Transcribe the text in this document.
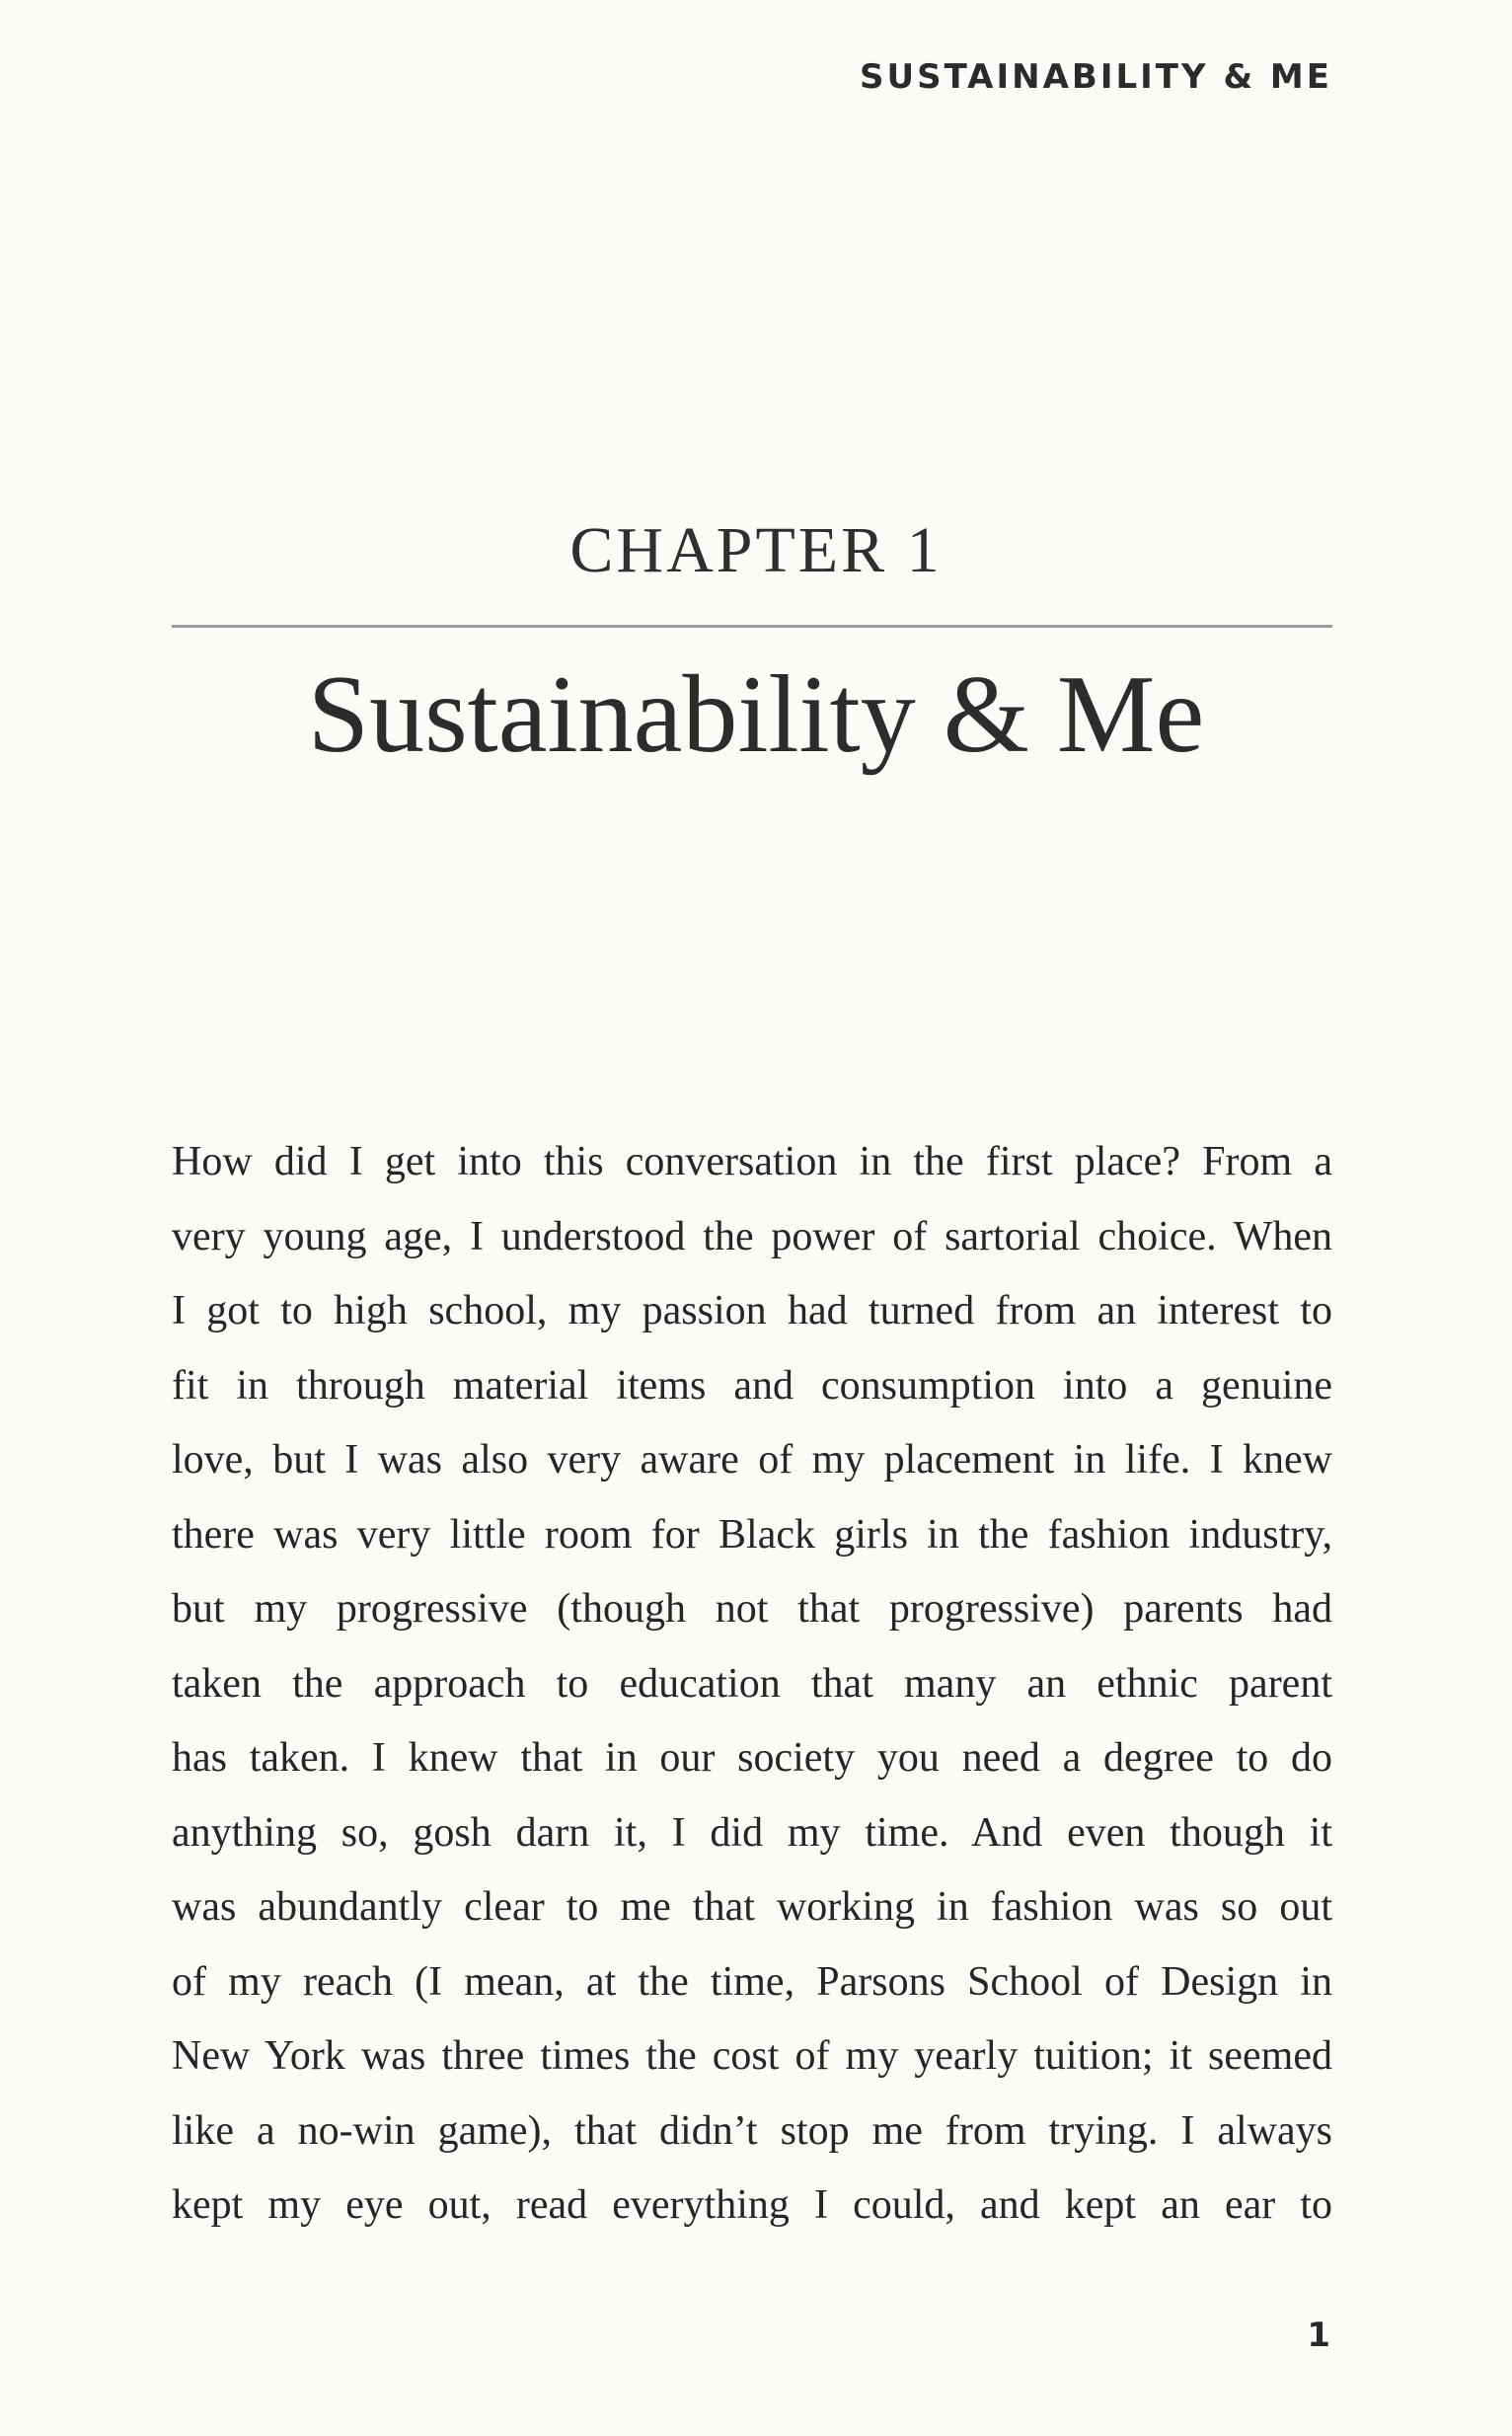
SUSTAINABILITY & ME
CHAPTER 1
Sustainability & Me
How did I get into this conversation in the first place? From a
very young age, I understood the power of sartorial choice. When
I got to high school, my passion had turned from an interest to
fit in through material items and consumption into a genuine
love, but I was also very aware of my placement in life. I knew
there was very little room for Black girls in the fashion industry,
but my progressive (though not that progressive) parents had
taken the approach to education that many an ethnic parent
has taken. I knew that in our society you need a degree to do
anything so, gosh darn it, I did my time. And even though it
was abundantly clear to me that working in fashion was so out
of my reach (I mean, at the time, Parsons School of Design in
New York was three times the cost of my yearly tuition; it seemed
like a no-win game), that didn’t stop me from trying. I always
kept my eye out, read everything I could, and kept an ear to
1
